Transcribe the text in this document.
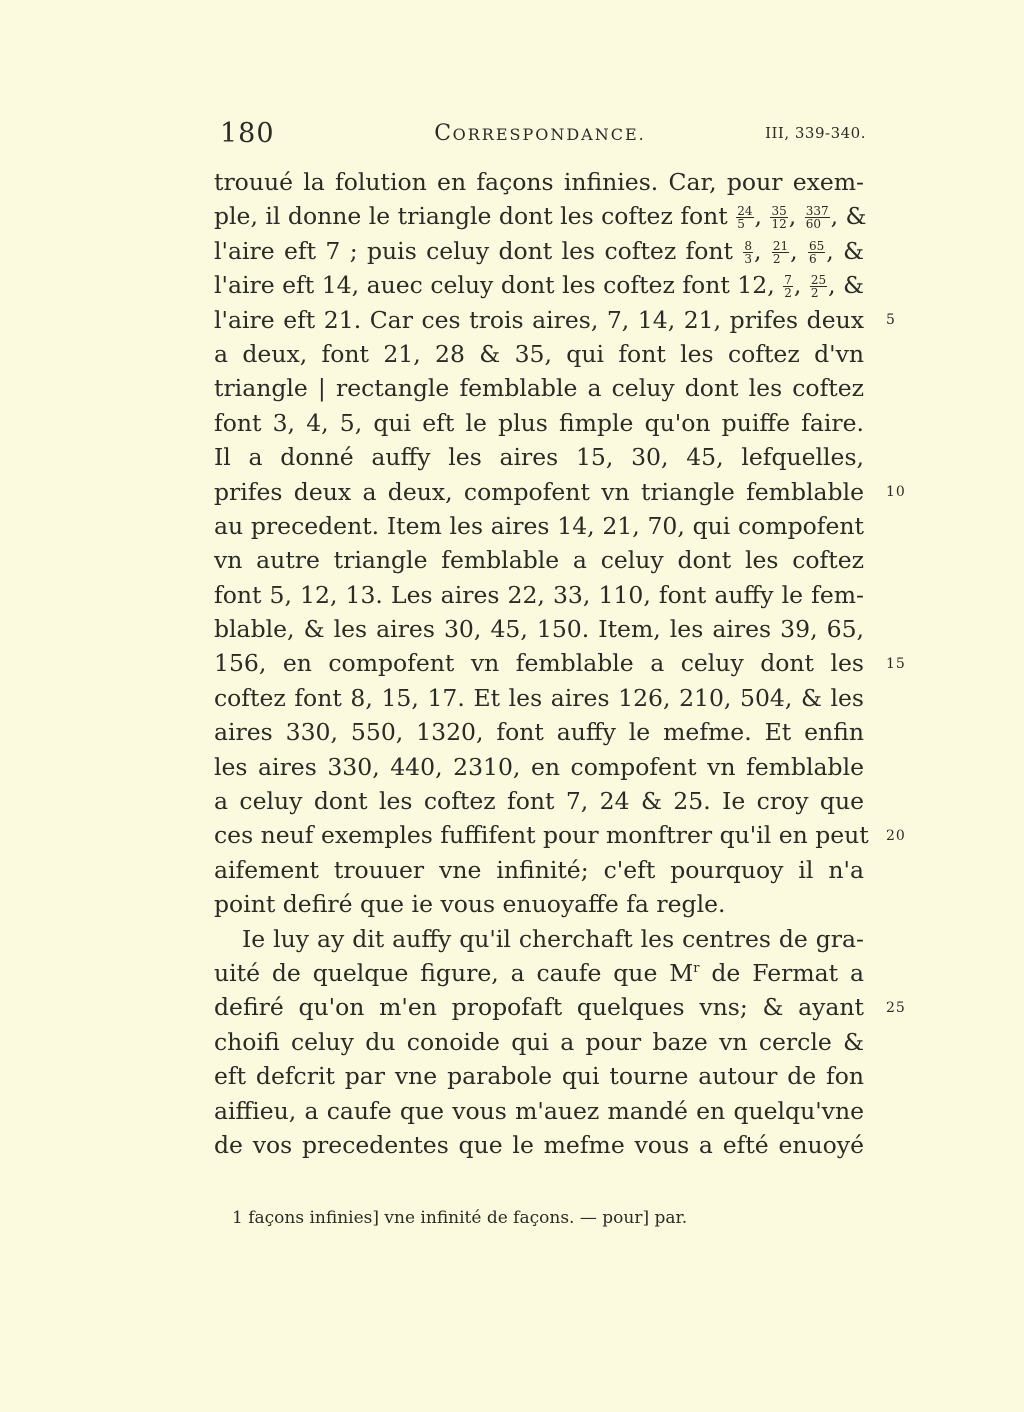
180	CORRESPONDANCE.	III, 339-340.
trouué la folution en façons infinies. Car, pour exem-
ple, il donne le triangle dont les coftez font $\frac{24}{5}$ , $\frac{35}{12}$ , $\frac{337}{60}$ , &
l'aire eft 7 ; puis celuy dont les coftez font $\frac{8}{3}$ , $\frac{21}{2}$ , $\frac{65}{6}$ , &
l'aire eft 14, auec celuy dont les coftez font 12, $\frac{7}{2}$ , $\frac{25}{2}$ , &
l'aire eft 21. Car ces trois aires, 7, 14, 21, prifes deux
a deux, font 21, 28 & 35, qui font les coftez d'vn
triangle | rectangle femblable a celuy dont les coftez
font 3, 4, 5, qui eft le plus fimple qu'on puiffe faire.
Il a donné auffy les aires 15, 30, 45, lefquelles,
prifes deux a deux, compofent vn triangle femblable
au precedent. Item les aires 14, 21, 70, qui compofent
vn autre triangle femblable a celuy dont les coftez
font 5, 12, 13. Les aires 22, 33, 110, font auffy le fem-
blable, & les aires 30, 45, 150. Item, les aires 39, 65,
156, en compofent vn femblable a celuy dont les
coftez font 8, 15, 17. Et les aires 126, 210, 504, & les
aires 330, 550, 1320, font auffy le mefme. Et enfin
les aires 330, 440, 2310, en compofent vn femblable
a celuy dont les coftez font 7, 24 & 25. Ie croy que
ces neuf exemples fuffifent pour monftrer qu'il en peut
aifement trouuer vne infinité; c'eft pourquoy il n'a
point defiré que ie vous enuoyaffe fa regle.
Ie luy ay dit auffy qu'il cherchaft les centres de gra-
uité de quelque figure, a caufe que $M^r$ de Fermat a
defiré qu'on m'en propofaft quelques vns; & ayant
choifi celuy du conoide qui a pour baze vn cercle &
eft defcrit par vne parabole qui tourne autour de fon
aiffieu, a caufe que vous m'auez mandé en quelqu'vne
de vos precedentes que le mefme vous a efté enuoyé
5
10
15
20
25
1 façons infinies] vne infinité de façons. — pour] par.
